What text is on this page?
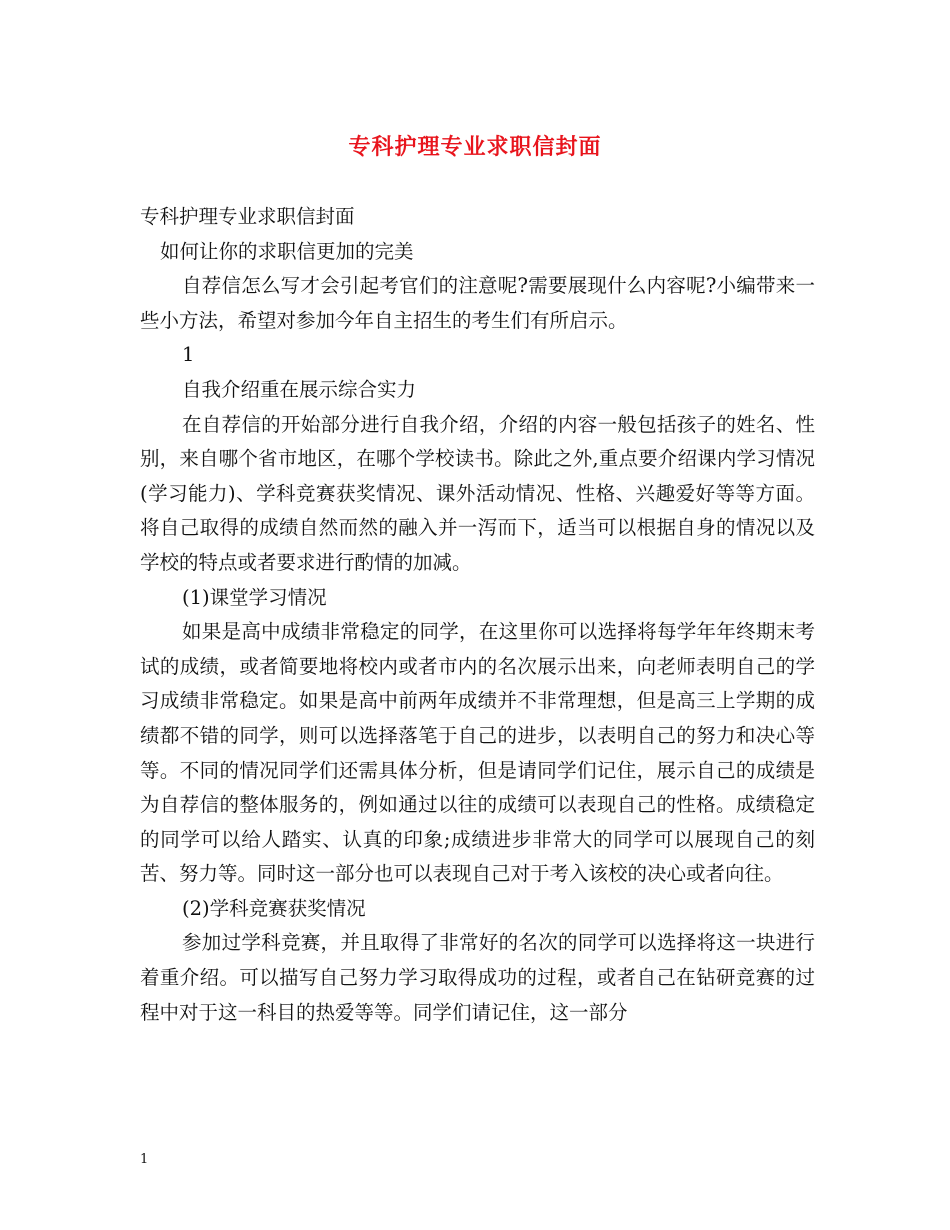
专科护理专业求职信封面

专科护理专业求职信封面

如何让你的求职信更加的完美

自荐信怎么写才会引起考官们的注意呢?需要展现什么内容呢?小编带来一些小方法，希望对参加今年自主招生的考生们有所启示。

1

自我介绍重在展示综合实力

在自荐信的开始部分进行自我介绍，介绍的内容一般包括孩子的姓名、性别，来自哪个省市地区，在哪个学校读书。除此之外,重点要介绍课内学习情况(学习能力)、学科竞赛获奖情况、课外活动情况、性格、兴趣爱好等等方面。将自己取得的成绩自然而然的融入并一泻而下，适当可以根据自身的情况以及学校的特点或者要求进行酌情的加减。

(1)课堂学习情况

如果是高中成绩非常稳定的同学，在这里你可以选择将每学年年终期末考试的成绩，或者简要地将校内或者市内的名次展示出来，向老师表明自己的学习成绩非常稳定。如果是高中前两年成绩并不非常理想，但是高三上学期的成绩都不错的同学，则可以选择落笔于自己的进步，以表明自己的努力和决心等等。不同的情况同学们还需具体分析，但是请同学们记住，展示自己的成绩是为自荐信的整体服务的，例如通过以往的成绩可以表现自己的性格。成绩稳定的同学可以给人踏实、认真的印象;成绩进步非常大的同学可以展现自己的刻苦、努力等。同时这一部分也可以表现自己对于考入该校的决心或者向往。

(2)学科竞赛获奖情况

参加过学科竞赛，并且取得了非常好的名次的同学可以选择将这一块进行着重介绍。可以描写自己努力学习取得成功的过程，或者自己在钻研竞赛的过程中对于这一科目的热爱等等。同学们请记住，这一部分

1
